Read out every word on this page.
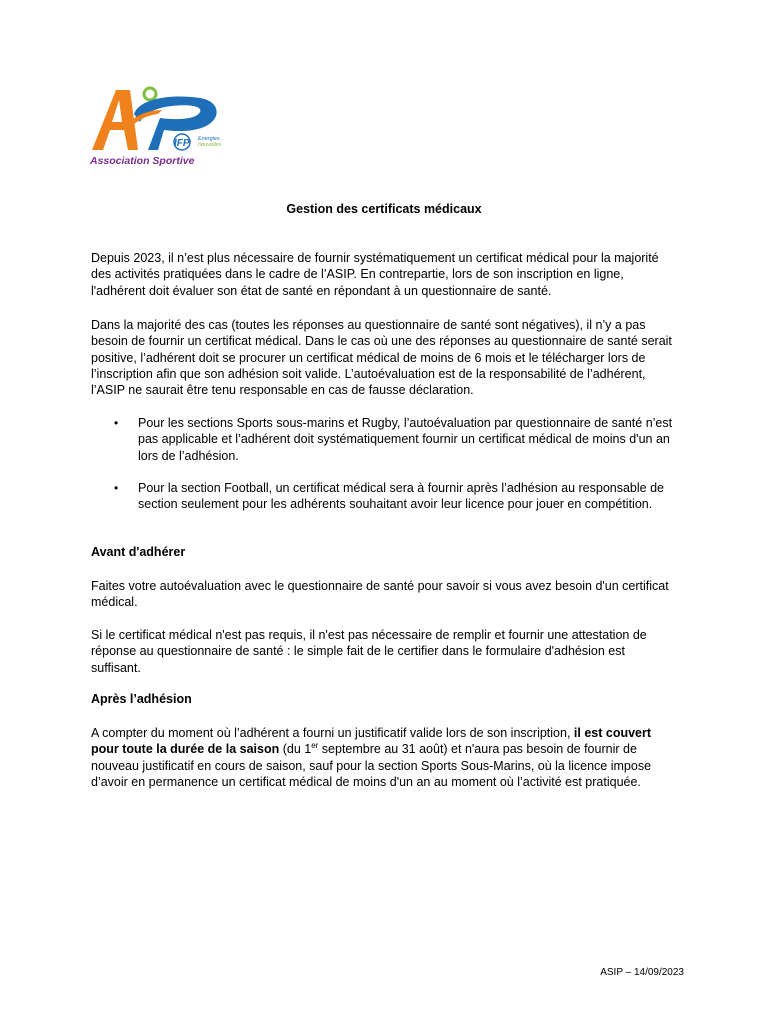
IFP Energies
nouvelles
Association Sportive
Gestion des certificats médicaux

Depuis 2023, il n’est plus nécessaire de fournir systématiquement un certificat médical pour la majorité des activités pratiquées dans le cadre de l’ASIP. En contrepartie, lors de son inscription en ligne, l'adhérent doit évaluer son état de santé en répondant à un questionnaire de santé.

Dans la majorité des cas (toutes les réponses au questionnaire de santé sont négatives), il n’y a pas besoin de fournir un certificat médical. Dans le cas où une des réponses au questionnaire de santé serait positive, l’adhérent doit se procurer un certificat médical de moins de 6 mois et le télécharger lors de l’inscription afin que son adhésion soit valide. L’autoévaluation est de la responsabilité de l’adhérent, l’ASIP ne saurait être tenu responsable en cas de fausse déclaration.

• Pour les sections Sports sous-marins et Rugby, l’autoévaluation par questionnaire de santé n’est pas applicable et l’adhérent doit systématiquement fournir un certificat médical de moins d'un an lors de l’adhésion.
• Pour la section Football, un certificat médical sera à fournir après l’adhésion au responsable de section seulement pour les adhérents souhaitant avoir leur licence pour jouer en compétition.
Avant d'adhérer

Faites votre autoévaluation avec le questionnaire de santé pour savoir si vous avez besoin d'un certificat médical.

Si le certificat médical n'est pas requis, il n'est pas nécessaire de remplir et fournir une attestation de réponse au questionnaire de santé : le simple fait de le certifier dans le formulaire d'adhésion est suffisant.

Après l’adhésion

A compter du moment où l’adhérent a fourni un justificatif valide lors de son inscription, il est couvert pour toute la durée de la saison (du 1er septembre au 31 août) et n'aura pas besoin de fournir de nouveau justificatif en cours de saison, sauf pour la section Sports Sous-Marins, où la licence impose d’avoir en permanence un certificat médical de moins d'un an au moment où l’activité est pratiquée.

ASIP – 14/09/2023
